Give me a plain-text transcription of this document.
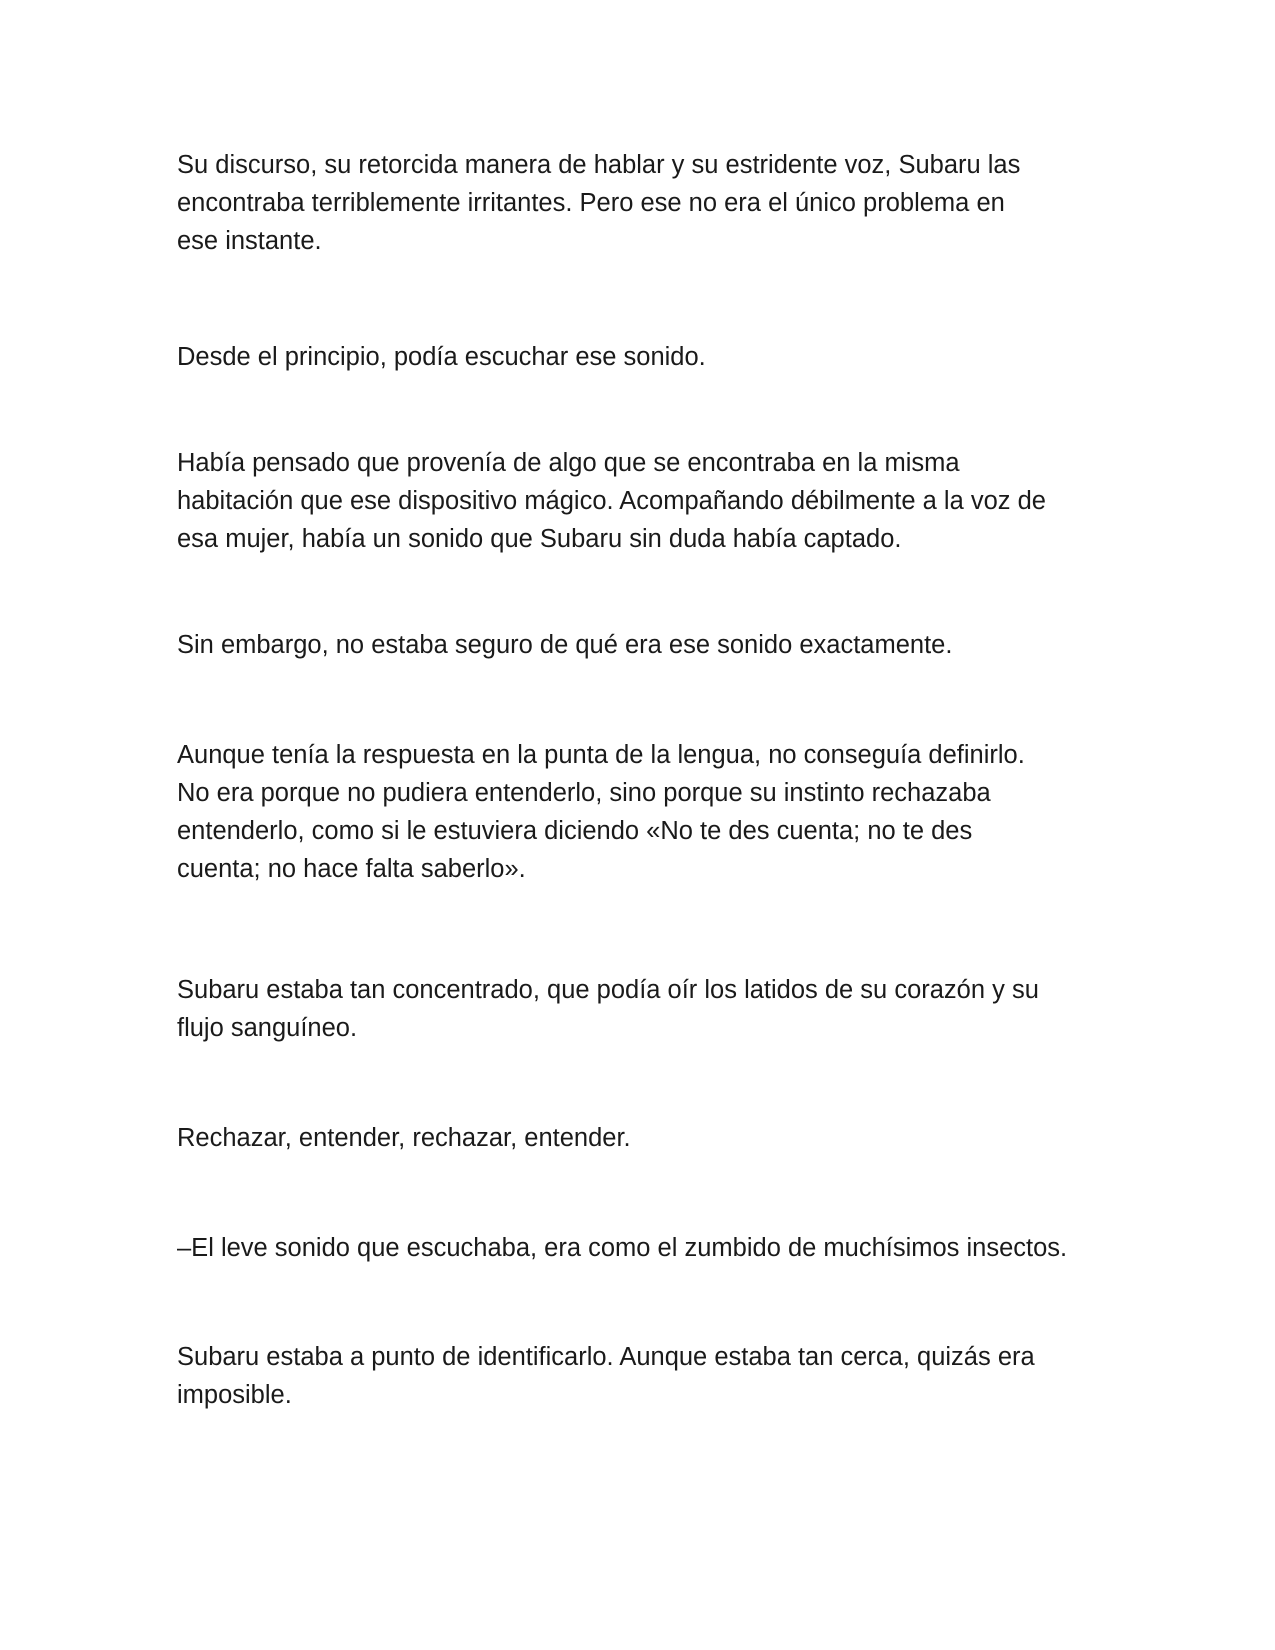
Su discurso, su retorcida manera de hablar y su estridente voz, Subaru las
encontraba terriblemente irritantes. Pero ese no era el único problema en
ese instante.

Desde el principio, podía escuchar ese sonido.

Había pensado que provenía de algo que se encontraba en la misma
habitación que ese dispositivo mágico. Acompañando débilmente a la voz de
esa mujer, había un sonido que Subaru sin duda había captado.

Sin embargo, no estaba seguro de qué era ese sonido exactamente.

Aunque tenía la respuesta en la punta de la lengua, no conseguía definirlo.
No era porque no pudiera entenderlo, sino porque su instinto rechazaba
entenderlo, como si le estuviera diciendo «No te des cuenta; no te des
cuenta; no hace falta saberlo».

Subaru estaba tan concentrado, que podía oír los latidos de su corazón y su
flujo sanguíneo.

Rechazar, entender, rechazar, entender.

–El leve sonido que escuchaba, era como el zumbido de muchísimos insectos.

Subaru estaba a punto de identificarlo. Aunque estaba tan cerca, quizás era
imposible.
